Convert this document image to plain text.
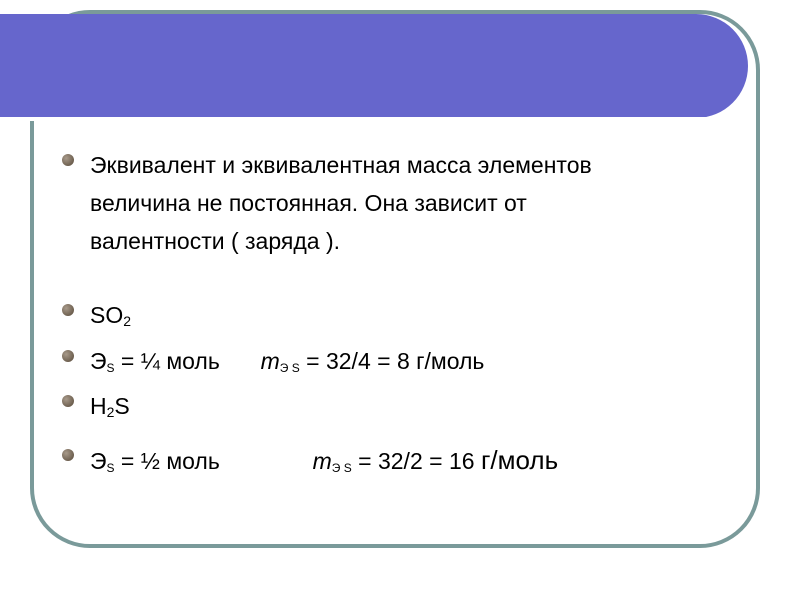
Эквивалент и эквивалентная масса элементов
величина не постоянная. Она зависит от
валентности ( заряда ).
$SO_2$
ЭS = ¼ моль mЭ S = 32/4 = 8 г/моль
$H_2S$
ЭS = ½ моль	mЭ S = 32/2 = 16 г/моль
